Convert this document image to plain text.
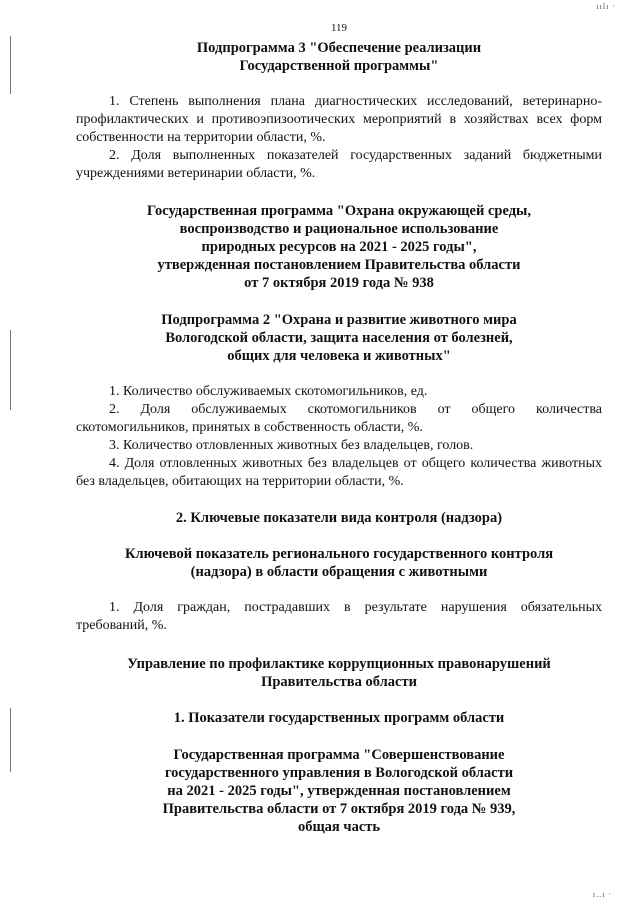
ıılı ·
ı..ı ·
119
Подпрограмма 3 "Обеспечение реализации
Государственной программы"

1. Степень выполнения плана диагностических исследований, ветеринарно-профилактических и противоэпизоотических мероприятий в хозяйствах всех форм собственности на территории области, %.

2. Доля выполненных показателей государственных заданий бюджетными учреждениями ветеринарии области, %.

Государственная программа "Охрана окружающей среды,
воспроизводство и рациональное использование
природных ресурсов на 2021 - 2025 годы",
утвержденная постановлением Правительства области
от 7 октября 2019 года № 938
Подпрограмма 2 "Охрана и развитие животного мира
Вологодской области, защита населения от болезней,
общих для человека и животных"

1. Количество обслуживаемых скотомогильников, ед.

2. Доля обслуживаемых скотомогильников от общего количества скотомогильников, принятых в собственность области, %.

3. Количество отловленных животных без владельцев, голов.

4. Доля отловленных животных без владельцев от общего количества животных без владельцев, обитающих на территории области, %.

2. Ключевые показатели вида контроля (надзора)
Ключевой показатель регионального государственного контроля
(надзора) в области обращения с животными

1. Доля граждан, пострадавших в результате нарушения обязательных требований, %.

Управление по профилактике коррупционных правонарушений
Правительства области
1. Показатели государственных программ области
Государственная программа "Совершенствование
государственного управления в Вологодской области
на 2021 - 2025 годы", утвержденная постановлением
Правительства области от 7 октября 2019 года № 939,
общая часть
